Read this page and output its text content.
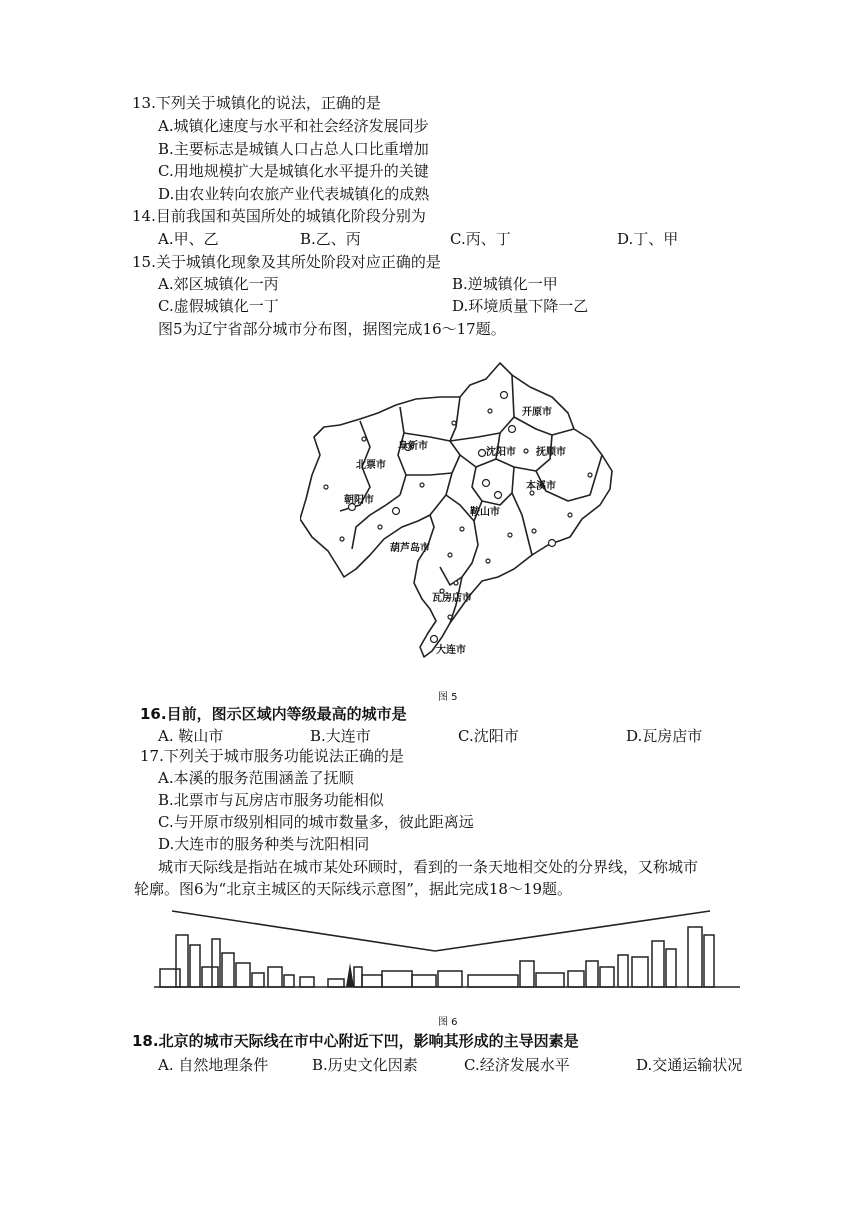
13.下列关于城镇化的说法，正确的是
A.城镇化速度与水平和社会经济发展同步
B.主要标志是城镇人口占总人口比重增加
C.用地规模扩大是城镇化水平提升的关键
D.由农业转向农旅产业代表城镇化的成熟
14.目前我国和英国所处的城镇化阶段分别为
A.甲、乙	B.乙、丙	C.丙、丁	D.丁、甲
15.关于城镇化现象及其所处阶段对应正确的是
A.郊区城镇化一丙	B.逆城镇化一甲
C.虚假城镇化一丁	D.环境质量下降一乙
图5为辽宁省部分城市分布图，据图完成16～17题。
开原市
阜新市
北票市
沈阳市 抚顺市
朝阳市
本溪市
鞍山市
葫芦岛市
瓦房店市
大连市
图 5
16.目前，图示区域内等级最高的城市是
A. 鞍山市	B.大连市	C.沈阳市	D.瓦房店市
17.下列关于城市服务功能说法正确的是
A.本溪的服务范围涵盖了抚顺
B.北票市与瓦房店市服务功能相似
C.与开原市级别相同的城市数量多，彼此距离远
D.大连市的服务种类与沈阳相同
城市天际线是指站在城市某处环顾时，看到的一条天地相交处的分界线，又称城市
轮廓。图6为“北京主城区的天际线示意图”，据此完成18～19题。
图 6
18.北京的城市天际线在市中心附近下凹，影响其形成的主导因素是
A. 自然地理条件	B.历史文化因素	C.经济发展水平	D.交通运输状况
